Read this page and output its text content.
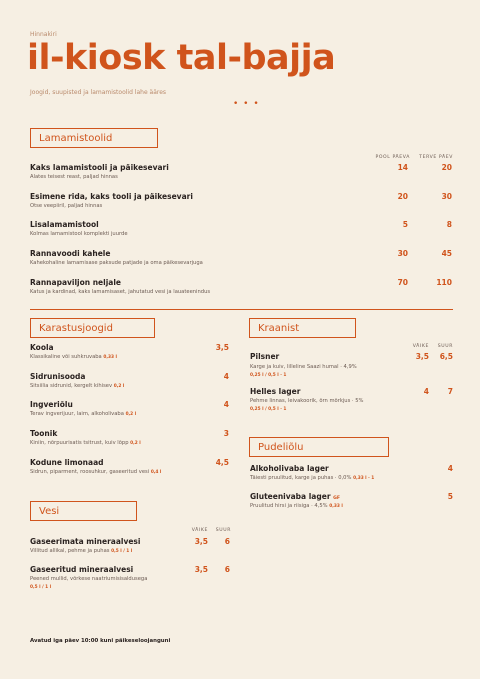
Hinnakiri
il-kiosk tal-bajja
Joogid, suupisted ja lamamistoolid lahe ääres
• • •
Lamamistoolid
POOL PÄEVA	TERVE PÄEV
Kaks lamamistooli ja päikesevari
Alates teisest reast, paljad hinnas
14	20
Esimene rida, kaks tooli ja päikesevari
Otse veepiiril, paljad hinnas
20	30
Lisalamamistool
Kolmas lamamistool komplekti juurde
5	8
Rannavoodi kahele
Kahekohaline lamamisase paksude patjade ja oma päikesevarjuga
30	45
Rannapaviljon neljale
Katus ja kardinad, kaks lamamisaset, jahutatud vesi ja lauateenindus
70	110
Karastusjoogid
Koola
Klassikaline või suhkruvaba 0,33 l
3,5
Sidrunisooda
Sitsiilia sidrunid, kergelt kihisev 0,2 l
4
Ingveriõlu
Terav ingverijuur, laim, alkoholivaba 0,2 l
4
Toonik
Kiniin, nõrpuurisatis tsitrust, kuiv lõpp 0,2 l
3
Kodune limonaad
Sidrun, piparment, roosuhkur, gaseeritud vesi 0,4 l
4,5
Vesi
VÄIKE	SUUR
Gaseerimata mineraalvesi
Villitud allikal, pehme ja puhas 0,5 l / 1 l
3,5	6
Gaseeritud mineraalvesi
Peened mullid, võrkese naatriumisisaldusega
0,5 l / 1 l
3,5	6
Kraanist
VÄIKE	SUUR
Pilsner
Karge ja kuiv, lilleline Saazi humal · 4,9%
0,25 l / 0,5 l · 1
3,5	6,5
Helles lager
Pehme linnas, leivakoorik, õrn mõrkjus · 5%
0,25 l / 0,5 l · 1
4	7
Pudeliõlu
Alkoholivaba lager
Täiesti pruulitud, karge ja puhas · 0,0% 0,33 l · 1
4
Gluteenivaba lager GF
Pruulitud hirsi ja riisiga · 4,5% 0,33 l
5
Avatud iga päev 10:00 kuni päikeseloojanguni
